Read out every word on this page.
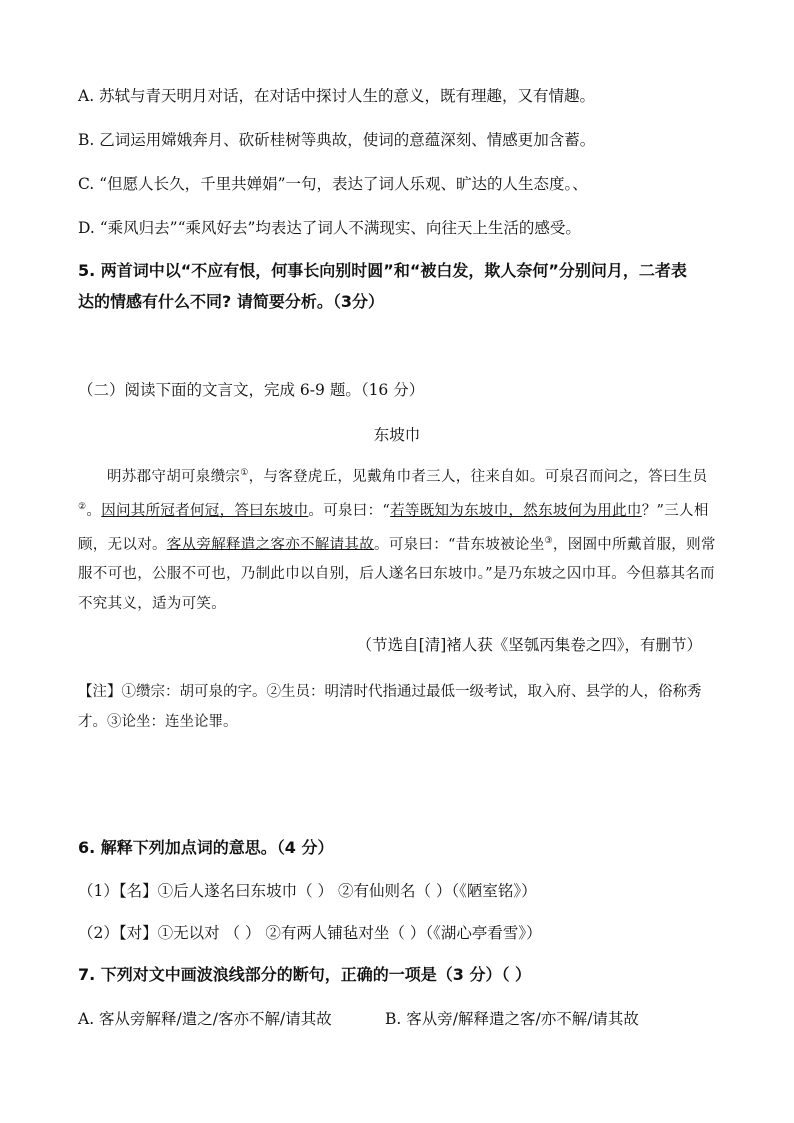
A. 苏轼与青天明月对话，在对话中探讨人生的意义，既有理趣，又有情趣。
B. 乙词运用嫦娥奔月、砍斫桂树等典故，使词的意蕴深刻、情感更加含蓄。
C. “但愿人长久，千里共婵娟”一句，表达了词人乐观、旷达的人生态度。、
D. “乘风归去”“乘风好去”均表达了词人不满现实、向往天上生活的感受。
5. 两首词中以“不应有恨，何事长向别时圆”和“被白发，欺人奈何”分别问月，二者表
达的情感有什么不同? 请简要分析。（3分）
（二）阅读下面的文言文，完成 6-9 题。（16 分）
东坡巾

明苏郡守胡可泉缵宗①，与客登虎丘，见戴角巾者三人，往来自如。可泉召而问之，答曰生员②。因问其所冠者何冠，答曰东坡巾。可泉曰：“若等既知为东坡巾，然东坡何为用此巾？”三人相顾，无以对。客从旁解释遣之客亦不解请其故。可泉曰：“昔东坡被论坐③，囹圄中所戴首服，则常服不可也，公服不可也，乃制此巾以自别，后人遂名曰东坡巾。”是乃东坡之囚巾耳。今但慕其名而不究其义，适为可笑。

（节选自[清]褚人获《坚瓠丙集卷之四》，有删节）
【注】①缵宗：胡可泉的字。②生员：明清时代指通过最低一级考试，取入府、县学的人，俗称秀才。③论坐：连坐论罪。
6. 解释下列加点词的意思。（4 分）
（1）【名】①后人遂名曰东坡巾（ ） ②有仙则名（ ）（《陋室铭》）
（2）【对】①无以对 （ ） ②有两人铺毡对坐（ ）（《湖心亭看雪》）
7. 下列对文中画波浪线部分的断句，正确的一项是（3 分）（ ）
A. 客从旁解释/遣之/客亦不解/请其故	B. 客从旁/解释遣之客/亦不解/请其故
